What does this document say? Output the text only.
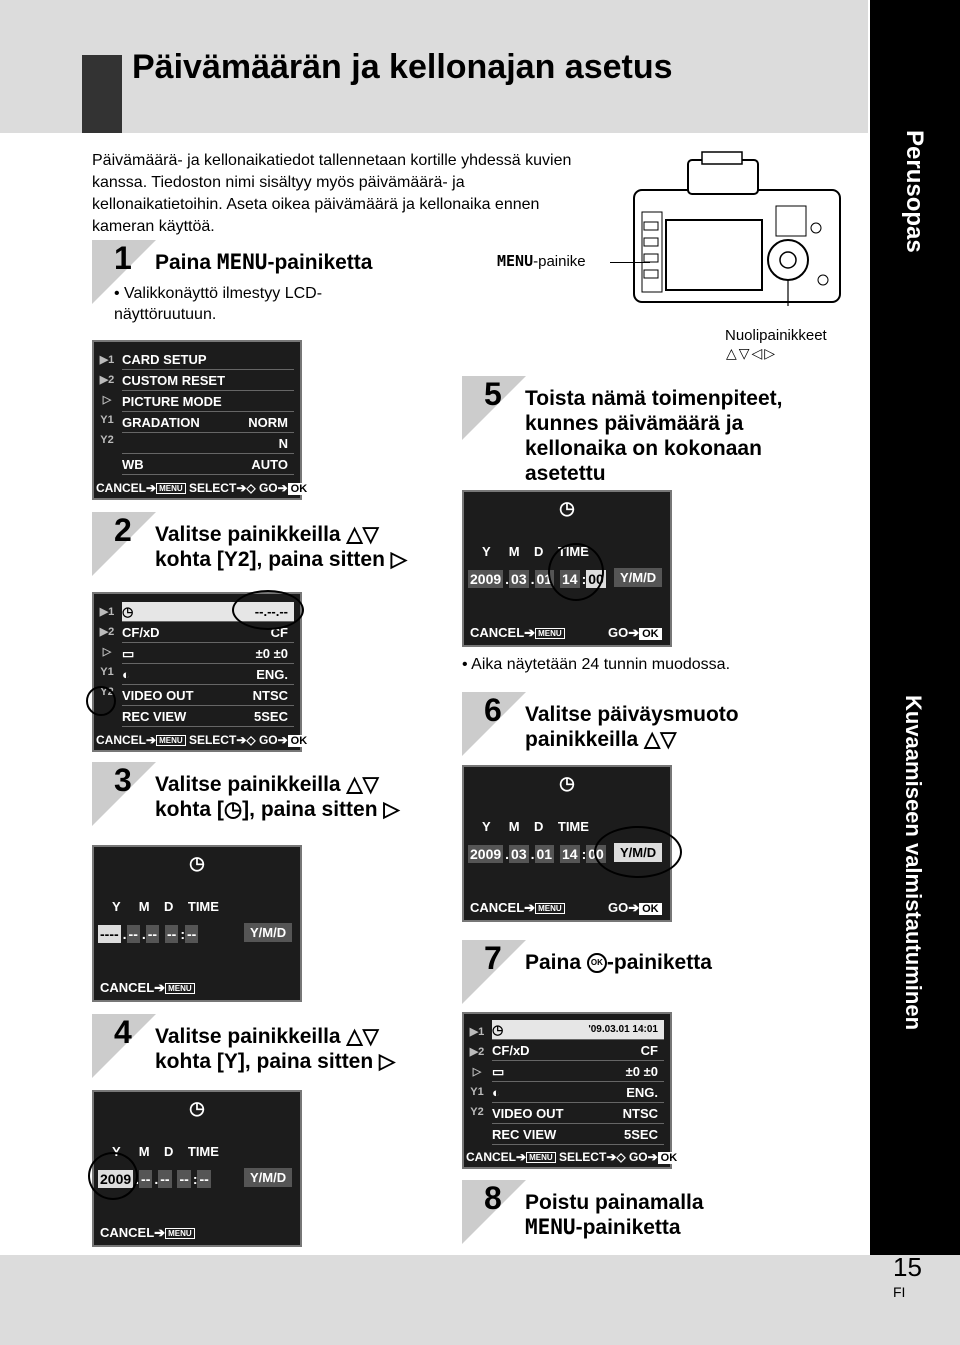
Päivämäärän ja kellonajan asetus
Perusopas
Kuvaamiseen valmistautuminen
15
FI

Päivämäärä- ja kellonaikatiedot tallennetaan kortille yhdessä kuvien kanssa. Tiedoston nimi sisältyy myös päivämäärä- ja kellonaikatietoihin. Aseta oikea päivämäärä ja kellonaika ennen kameran käyttöä.

MENU-painike
Nuolipainikkeet
△▽◁▷
1 Paina MENU-painiketta
• Valikkonäyttö ilmestyy LCD-näyttöruutuun.
▶1
▶2
▷
Y1
Y2
CARD SETUP
CUSTOM RESET
PICTURE MODE
GRADATION	NORM
N
WB	AUTO
CANCEL➔ MENU SELECT➔◇ GO➔ OK
2 Valitse painikkeilla △▽
kohta [Y2], paina sitten ▷
▶1
▶2
▷
Y1
Y2
◷	--.--.--
CF/xD	CF
▭	±0 ±0
◐	ENG.
VIDEO OUT	NTSC
REC VIEW	5SEC
CANCEL➔ MENU SELECT➔◇ GO➔ OK
3 Valitse painikkeilla △▽
kohta [◷], paina sitten ▷
◷
Y M D TIME
---- . -- . -- -- : --	Y/M/D
CANCEL➔ MENU
4 Valitse painikkeilla △▽
kohta [Y], paina sitten ▷
◷
Y M D TIME
2009 . -- . -- -- : --	Y/M/D
CANCEL➔ MENU
5 Toista nämä toimenpiteet, kunnes päivämäärä ja kellonaika on kokonaan asetettu
◷
Y M D TIME
2009 . 03 . 01 14 : 00	Y/M/D
CANCEL➔ MENU	GO➔ OK
• Aika näytetään 24 tunnin muodossa.
6 Valitse päiväysmuoto
painikkeilla △▽
◷
Y M D TIME
2009 . 03 . 01 14 : 00	Y/M/D
CANCEL➔ MENU	GO➔ OK
7 Paina OK -painiketta
▶1
▶2
▷
Y1
Y2
◷	'09.03.01 14:01
CF/xD	CF
▭	±0 ±0
◐	ENG.
VIDEO OUT	NTSC
REC VIEW	5SEC
CANCEL➔ MENU SELECT➔◇ GO➔ OK
8 Poistu painamalla
MENU-painiketta
